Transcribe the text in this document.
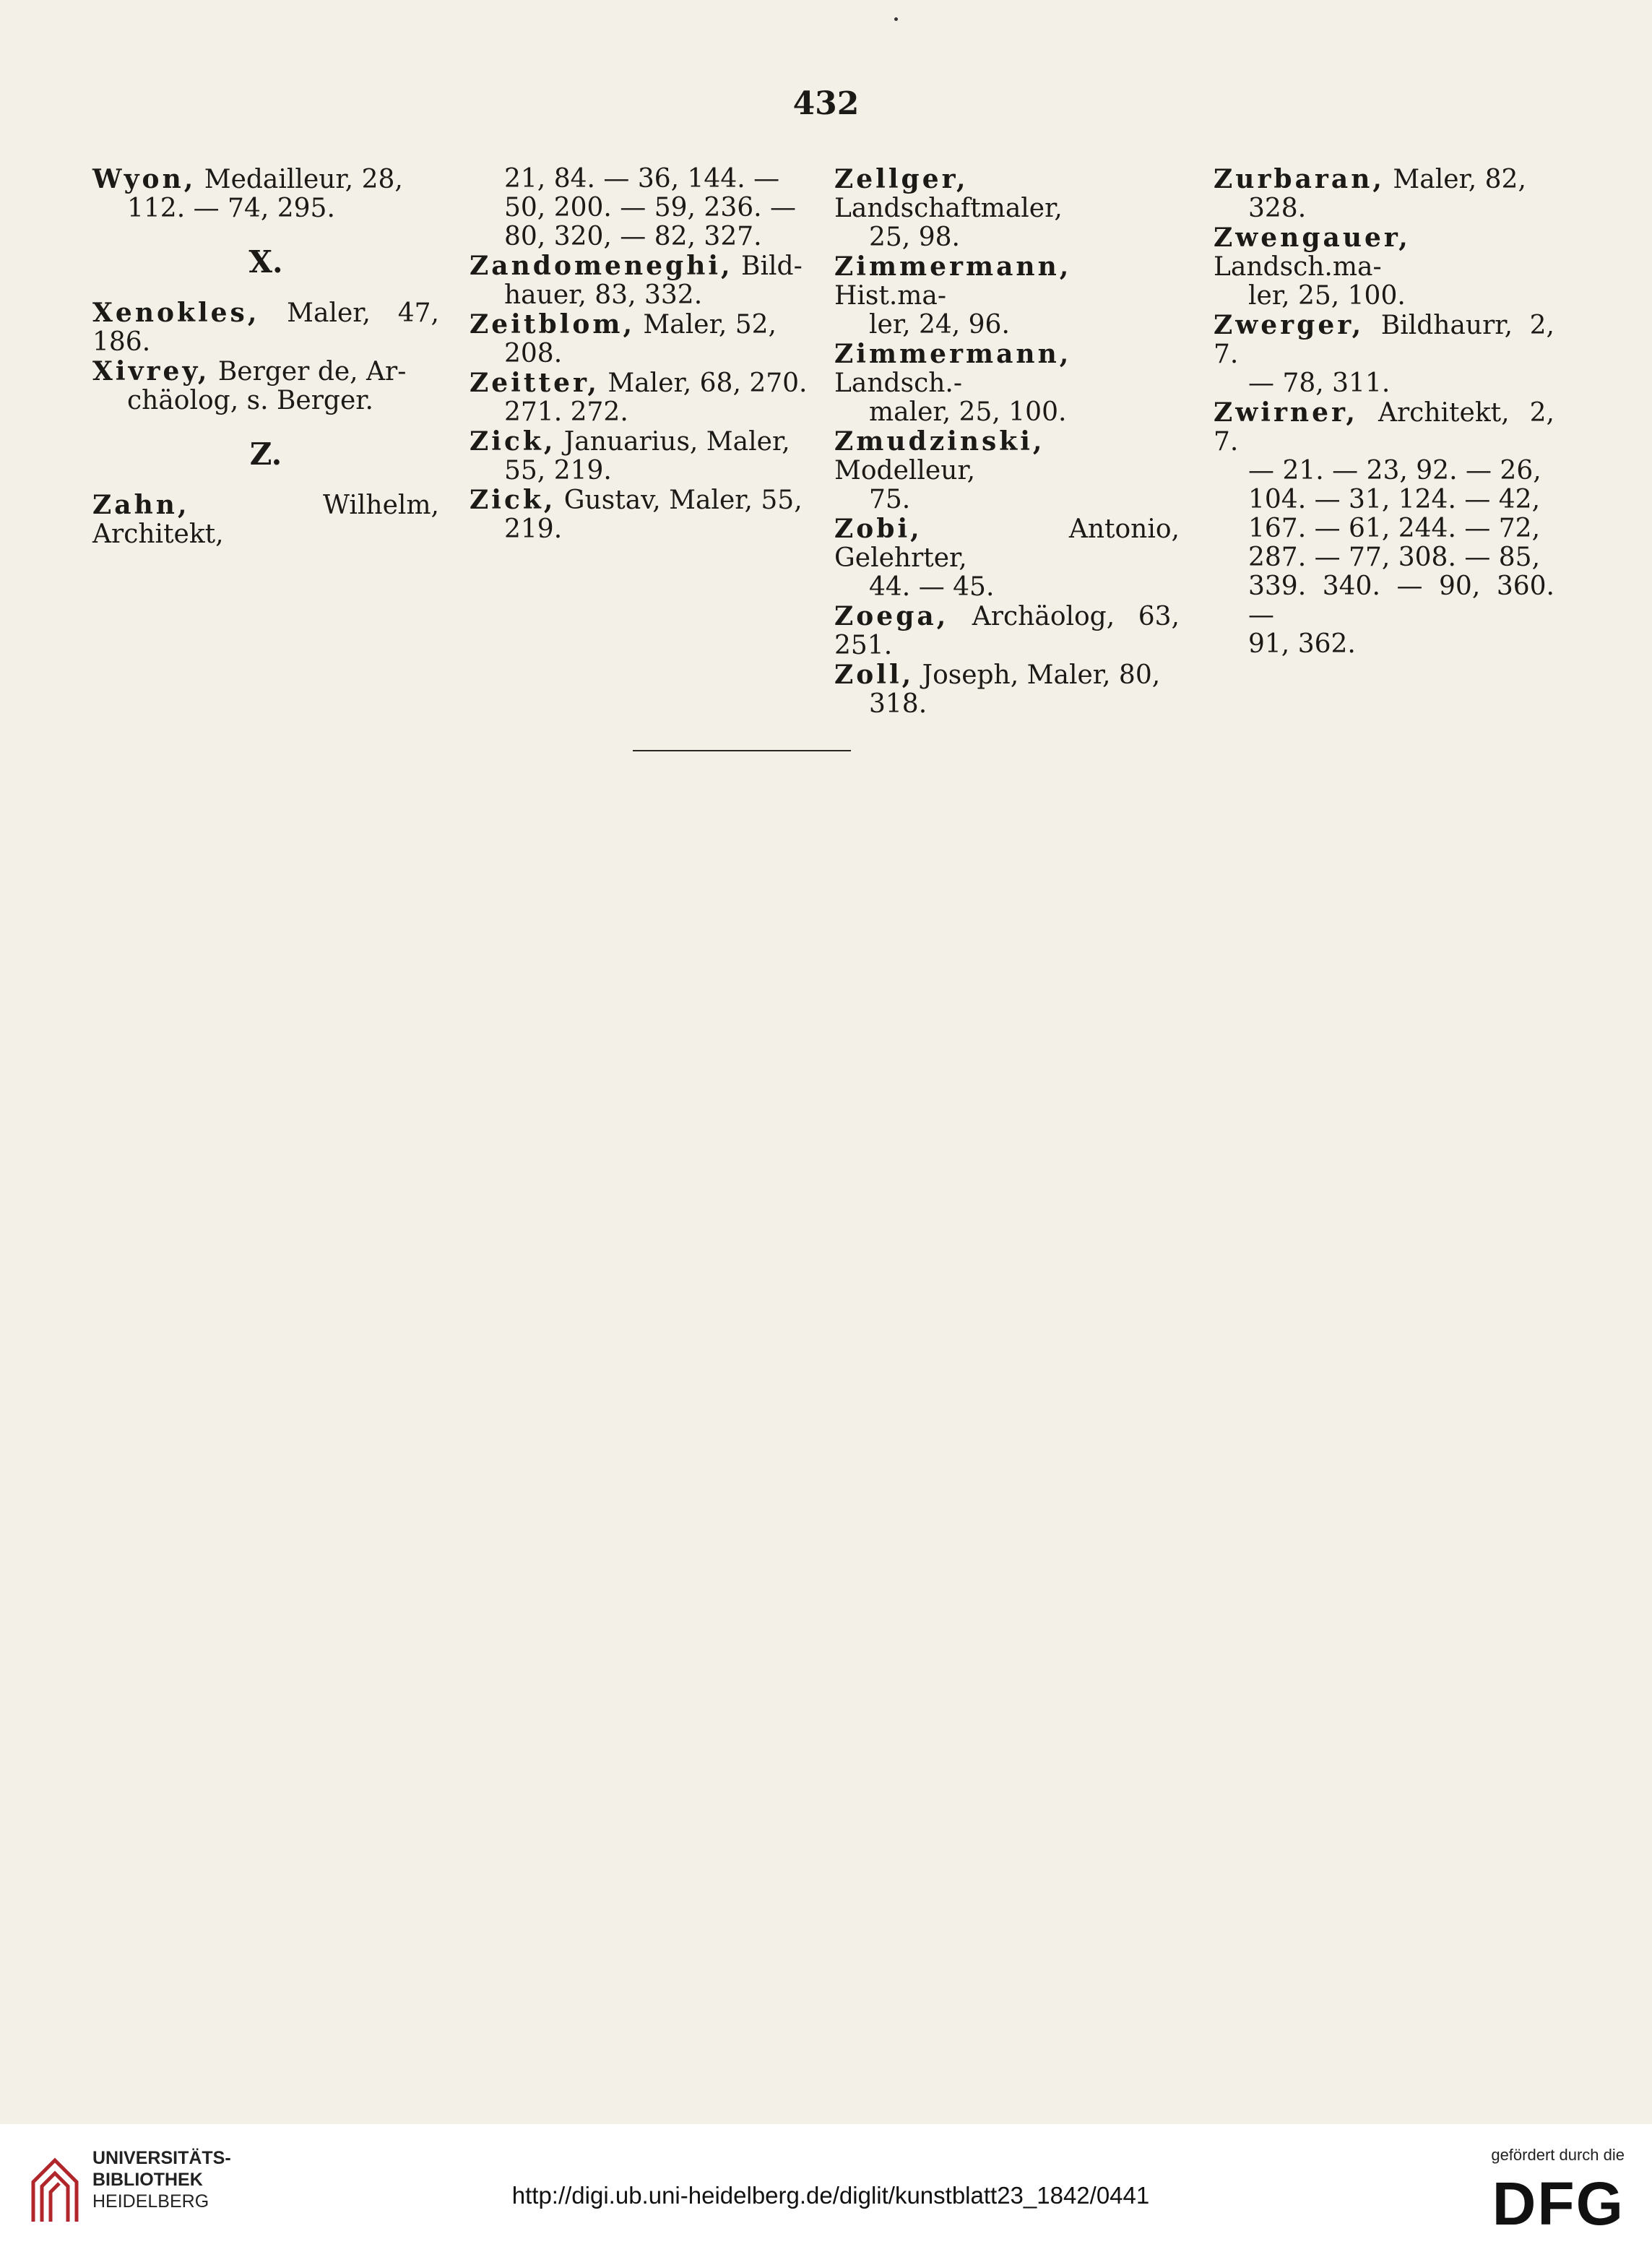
432
Wyon, Medailleur, 28,
112. — 74, 295.
X.
Xenokles, Maler, 47, 186.
Xivrey, Berger de, Ar-
chäolog, s. Berger.
Z.
Zahn, Wilhelm, Architekt,
21, 84. — 36, 144. —
50, 200. — 59, 236. —
80, 320, — 82, 327.
Zandomeneghi, Bild-
hauer, 83, 332.
Zeitblom, Maler, 52,
208.
Zeitter, Maler, 68, 270.
271. 272.
Zick, Januarius, Maler,
55, 219.
Zick, Gustav, Maler, 55,
219.
Zellger, Landschaftmaler,
25, 98.
Zimmermann, Hist.ma-
ler, 24, 96.
Zimmermann, Landsch.-
maler, 25, 100.
Zmudzinski, Modelleur,
75.
Zobi, Antonio, Gelehrter,
44. — 45.
Zoega, Archäolog, 63, 251.
Zoll, Joseph, Maler, 80,
318.
Zurbaran, Maler, 82,
328.
Zwengauer, Landsch.ma-
ler, 25, 100.
Zwerger, Bildhaurr, 2, 7.
— 78, 311.
Zwirner, Architekt, 2, 7.
— 21. — 23, 92. — 26,
104. — 31, 124. — 42,
167. — 61, 244. — 72,
287. — 77, 308. — 85,
339. 340. — 90, 360. —
91, 362.
UNIVERSITÄTS-
BIBLIOTHEK
HEIDELBERG	http://digi.ub.uni-heidelberg.de/diglit/kunstblatt23_1842/0441
gefördert durch die
DFG
